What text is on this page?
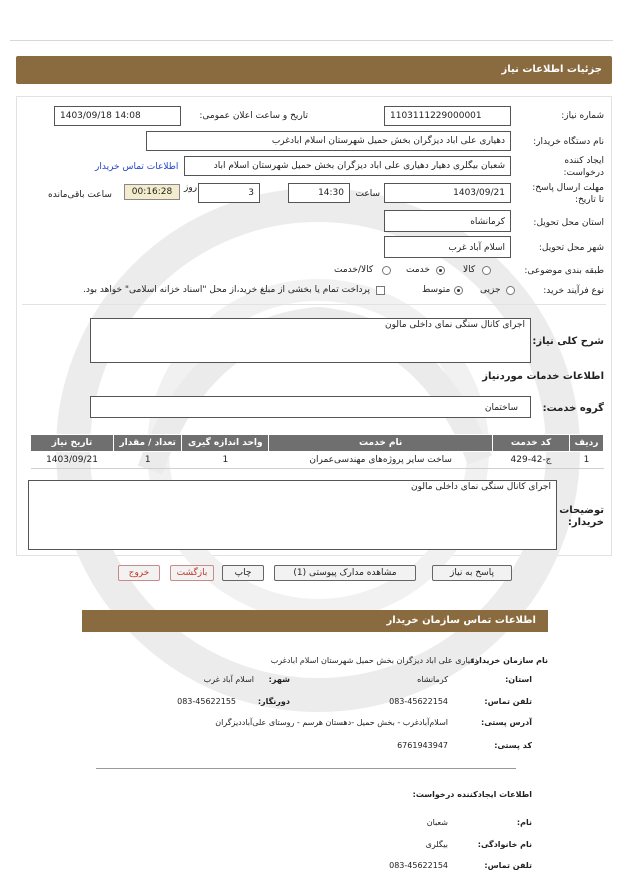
جزئیات اطلاعات نیاز
شماره نیاز:
1103111229000001
تاریخ و ساعت اعلان عمومی:
1403/09/18 14:08
نام دستگاه خریدار:
دهیاری علی اباد دیزگران بخش حمیل شهرستان اسلام ابادغرب
ایجاد کننده
درخواست:
شعبان بیگلری دهیار دهیاری علی اباد دیزگران بخش حمیل شهرستان اسلام اباد
اطلاعات تماس خریدار
مهلت ارسال پاسخ:
تا تاریخ:
1403/09/21
ساعت
14:30
3
روز
00:16:28
ساعت باقی‌مانده
استان محل تحویل:
کرمانشاه
شهر محل تحویل:
اسلام آباد غرب
طبقه بندی موضوعی:
کالا
خدمت
کالا/خدمت
نوع فرآیند خرید:
جزیی
متوسط
پرداخت تمام یا بخشی از مبلغ خرید،از محل "اسناد خزانه اسلامی" خواهد بود.
شرح کلی نیاز:
اجرای کانال سنگی نمای داخلی مالون
اطلاعات خدمات موردنیاز
گروه خدمت:
ساختمان
ردیف	کد خدمت	نام خدمت	واحد اندازه گیری	تعداد / مقدار	تاریخ نیاز
1	ج-42-429	ساخت سایر پروژه‌های مهندسی‌عمران	1	1	1403/09/21
توضیحات
خریدار:
اجرای کانال سنگی نمای داخلی مالون
پاسخ به نیاز
مشاهده مدارک پیوستی (1)
چاپ
بازگشت
خروج
اطلاعات تماس سازمان خریدار
نام سازمان خریدار:
دهیاری علی اباد دیزگران بخش حمیل شهرستان اسلام ابادغرب
استان:
کرمانشاه
شهر:
اسلام آباد غرب
تلفن تماس:
083-45622154
دورنگار:
083-45622155
آدرس پستی:
اسلام‌آبادغرب - بخش حمیل -دهستان هرسم - روستای علی‌آباددیزگران
کد پستی:
6761943947
اطلاعات ایجادکننده درخواست:
نام:
شعبان
نام خانوادگی:
بیگلری
تلفن تماس:
083-45622154
